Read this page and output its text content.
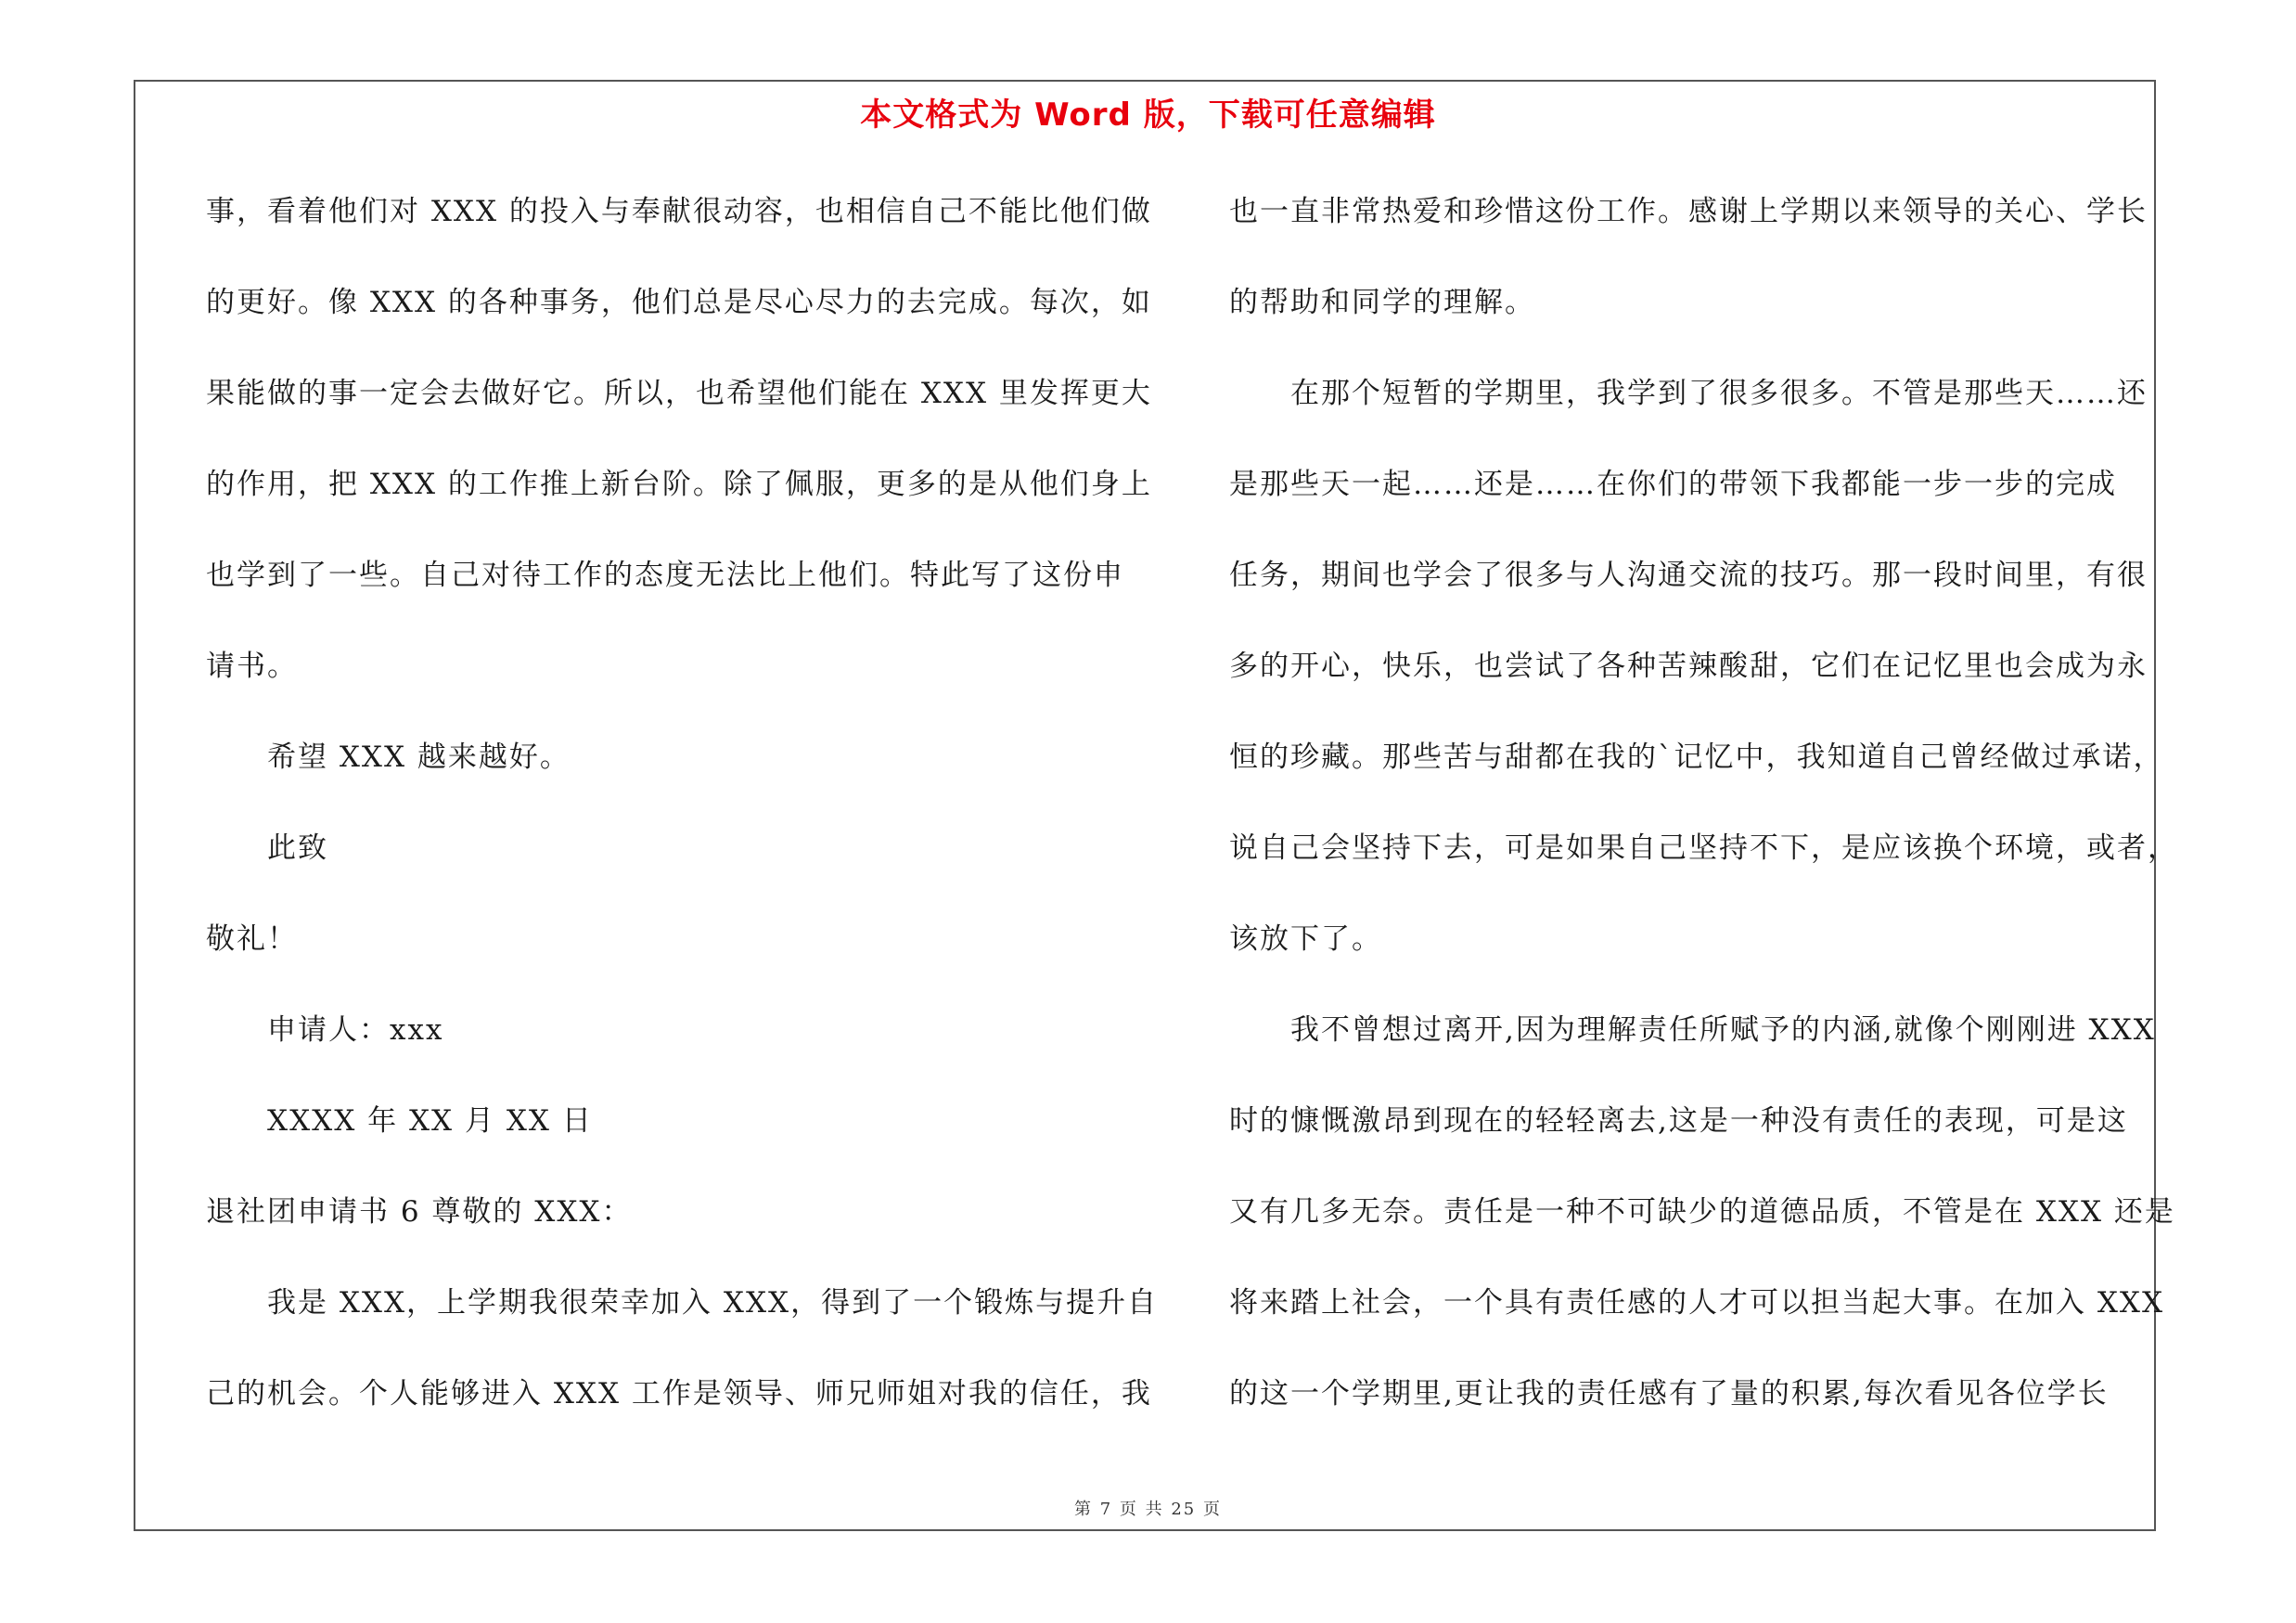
本文格式为 Word 版，下载可任意编辑
事，看着他们对 XXX 的投入与奉献很动容，也相信自己不能比他们做
的更好。像 XXX 的各种事务，他们总是尽心尽力的去完成。每次，如
果能做的事一定会去做好它。所以，也希望他们能在 XXX 里发挥更大
的作用，把 XXX 的工作推上新台阶。除了佩服，更多的是从他们身上
也学到了一些。自己对待工作的态度无法比上他们。特此写了这份申
请书。
希望 XXX 越来越好。
此致
敬礼！
申请人：xxx
XXXX 年 XX 月 XX 日
退社团申请书 6 尊敬的 XXX：
我是 XXX，上学期我很荣幸加入 XXX，得到了一个锻炼与提升自
己的机会。个人能够进入 XXX 工作是领导、师兄师姐对我的信任，我
也一直非常热爱和珍惜这份工作。感谢上学期以来领导的关心、学长
的帮助和同学的理解。
在那个短暂的学期里，我学到了很多很多。不管是那些天……还
是那些天一起……还是……在你们的带领下我都能一步一步的完成
任务，期间也学会了很多与人沟通交流的技巧。那一段时间里，有很
多的开心，快乐，也尝试了各种苦辣酸甜，它们在记忆里也会成为永
恒的珍藏。那些苦与甜都在我的`记忆中，我知道自己曾经做过承诺，
说自己会坚持下去，可是如果自己坚持不下，是应该换个环境，或者，
该放下了。
我不曾想过离开,因为理解责任所赋予的内涵,就像个刚刚进 XXX
时的慷慨激昂到现在的轻轻离去,这是一种没有责任的表现，可是这
又有几多无奈。责任是一种不可缺少的道德品质，不管是在 XXX 还是
将来踏上社会，一个具有责任感的人才可以担当起大事。在加入 XXX
的这一个学期里,更让我的责任感有了量的积累,每次看见各位学长
第 7 页 共 25 页
